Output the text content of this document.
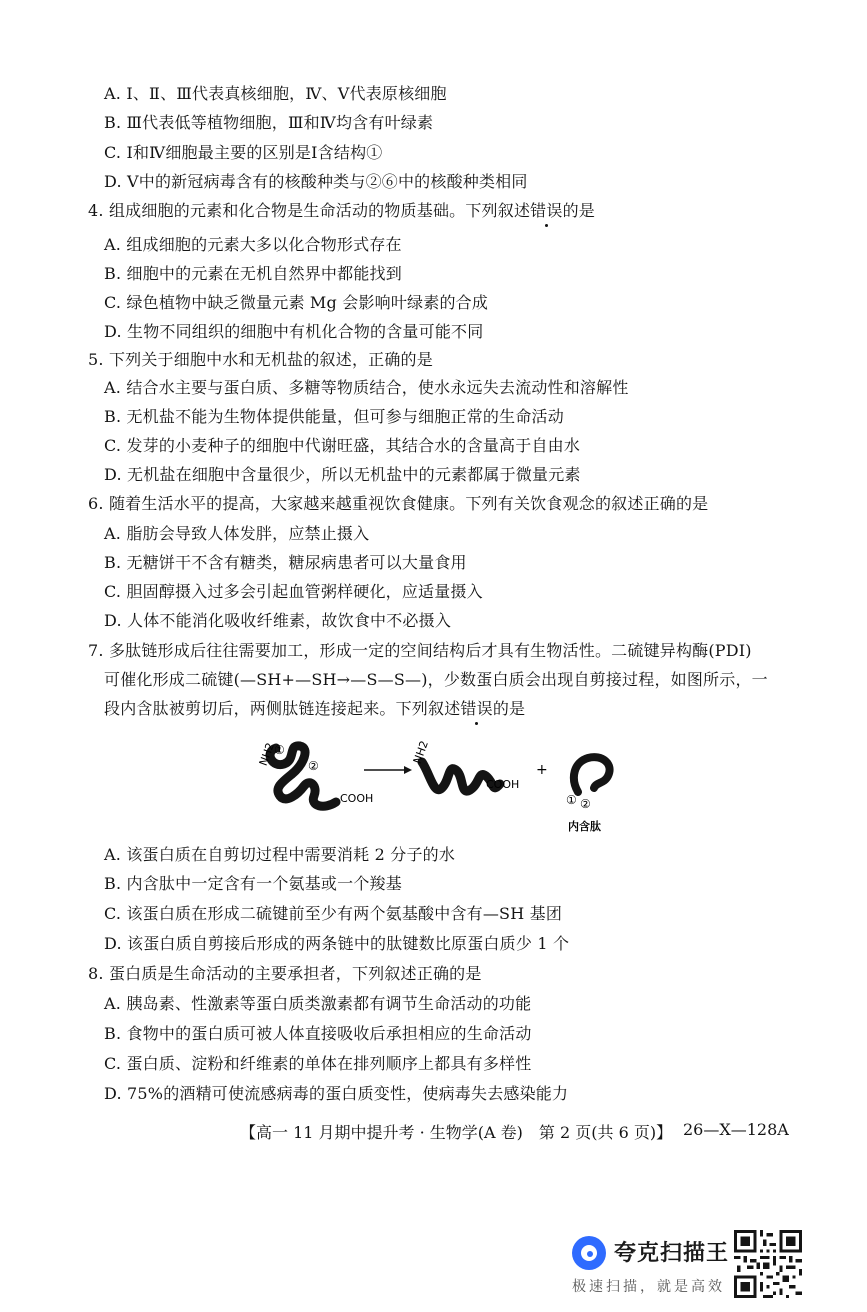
A. Ⅰ、Ⅱ、Ⅲ代表真核细胞，Ⅳ、Ⅴ代表原核细胞
B. Ⅲ代表低等植物细胞，Ⅲ和Ⅳ均含有叶绿素
C. Ⅰ和Ⅳ细胞最主要的区别是Ⅰ含结构①
D. Ⅴ中的新冠病毒含有的核酸种类与②⑥中的核酸种类相同
4. 组成细胞的元素和化合物是生命活动的物质基础。下列叙述错误的是
A. 组成细胞的元素大多以化合物形式存在
B. 细胞中的元素在无机自然界中都能找到
C. 绿色植物中缺乏微量元素 Mg 会影响叶绿素的合成
D. 生物不同组织的细胞中有机化合物的含量可能不同
5. 下列关于细胞中水和无机盐的叙述，正确的是
A. 结合水主要与蛋白质、多糖等物质结合，使水永远失去流动性和溶解性
B. 无机盐不能为生物体提供能量，但可参与细胞正常的生命活动
C. 发芽的小麦种子的细胞中代谢旺盛，其结合水的含量高于自由水
D. 无机盐在细胞中含量很少，所以无机盐中的元素都属于微量元素
6. 随着生活水平的提高，大家越来越重视饮食健康。下列有关饮食观念的叙述正确的是
A. 脂肪会导致人体发胖，应禁止摄入
B. 无糖饼干不含有糖类，糖尿病患者可以大量食用
C. 胆固醇摄入过多会引起血管粥样硬化，应适量摄入
D. 人体不能消化吸收纤维素，故饮食中不必摄入
7. 多肽链形成后往往需要加工，形成一定的空间结构后才具有生物活性。二硫键异构酶(PDI)
可催化形成二硫键(—SH+—SH→—S—S—)，少数蛋白质会出现自剪接过程，如图所示，一
段内含肽被剪切后，两侧肽链连接起来。下列叙述错误的是
NH2
①
②
COOH
NH2
COOH
+
① ②
内含肽
A. 该蛋白质在自剪切过程中需要消耗 2 分子的水
B. 内含肽中一定含有一个氨基或一个羧基
C. 该蛋白质在形成二硫键前至少有两个氨基酸中含有—SH 基团
D. 该蛋白质自剪接后形成的两条链中的肽键数比原蛋白质少 1 个
8. 蛋白质是生命活动的主要承担者，下列叙述正确的是
A. 胰岛素、性激素等蛋白质类激素都有调节生命活动的功能
B. 食物中的蛋白质可被人体直接吸收后承担相应的生命活动
C. 蛋白质、淀粉和纤维素的单体在排列顺序上都具有多样性
D. 75%的酒精可使流感病毒的蛋白质变性，使病毒失去感染能力
【高一 11 月期中提升考 · 生物学(A 卷)　第 2 页(共 6 页)】 26—X—128A
夸克扫描王
极速扫描，就是高效
